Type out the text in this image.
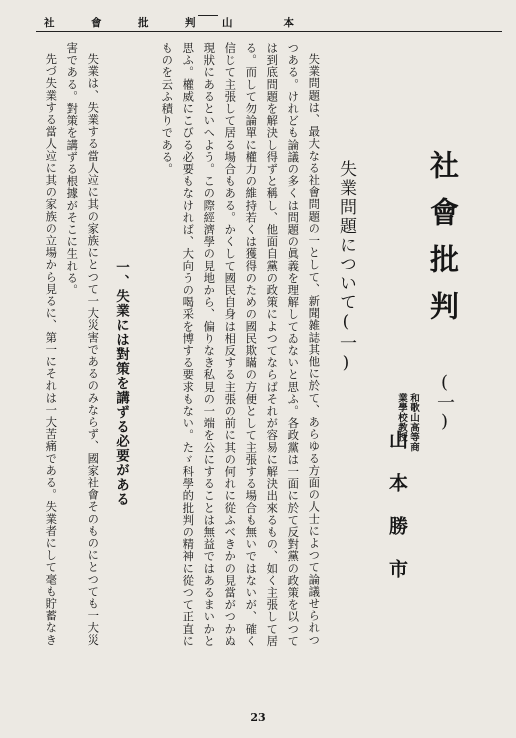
社　會　批　判 山　　本
社會批判
(一)
和歌山高等商
業學校教授
山本勝市
失業問題について(一)
失業問題は、最大なる社會問題の一として、新聞雑誌其他に於て、あらゆる方面の人士によつて論議せられつ
つある。けれども論議の多くは問題の眞義を理解してゐないと思ふ。各政黨は一面に於て反對黨の政策を以つて
は到底問題を解決し得ずと稱し、他面自黨の政策によつてならばそれが容易に解決出來るもの、如く主張して居
る。而して勿論單に權力の維持若くは獲得のための國民欺瞞の方便として主張する場合も無いではないが、確く
信じて主張して居る場合もある。かくして國民自身は相反する主張の前に其の何れに從ふべきかの見當がつかぬ
現狀にあるといへよう。この際經濟學の見地から、偏りなき私見の一端を公にすることは無益ではあるまいかと
思ふ。權威にこびる必要もなければ、大向うの喝采を博する要求もない。たゞ科學的批判の精神に從つて正直に
ものを云ふ積りである。
一、失業には對策を講ずる必要がある
失業は、失業する當人竝に其の家族にとつて一大災害であるのみならず、國家社會そのものにとつても一大災
害である。對策を講ずる根據がそこに生れる。
先づ失業する當人竝に其の家族の立場から見るに、第一にそれは一大苦痛である。失業者にして毫も貯蓄なき
23
